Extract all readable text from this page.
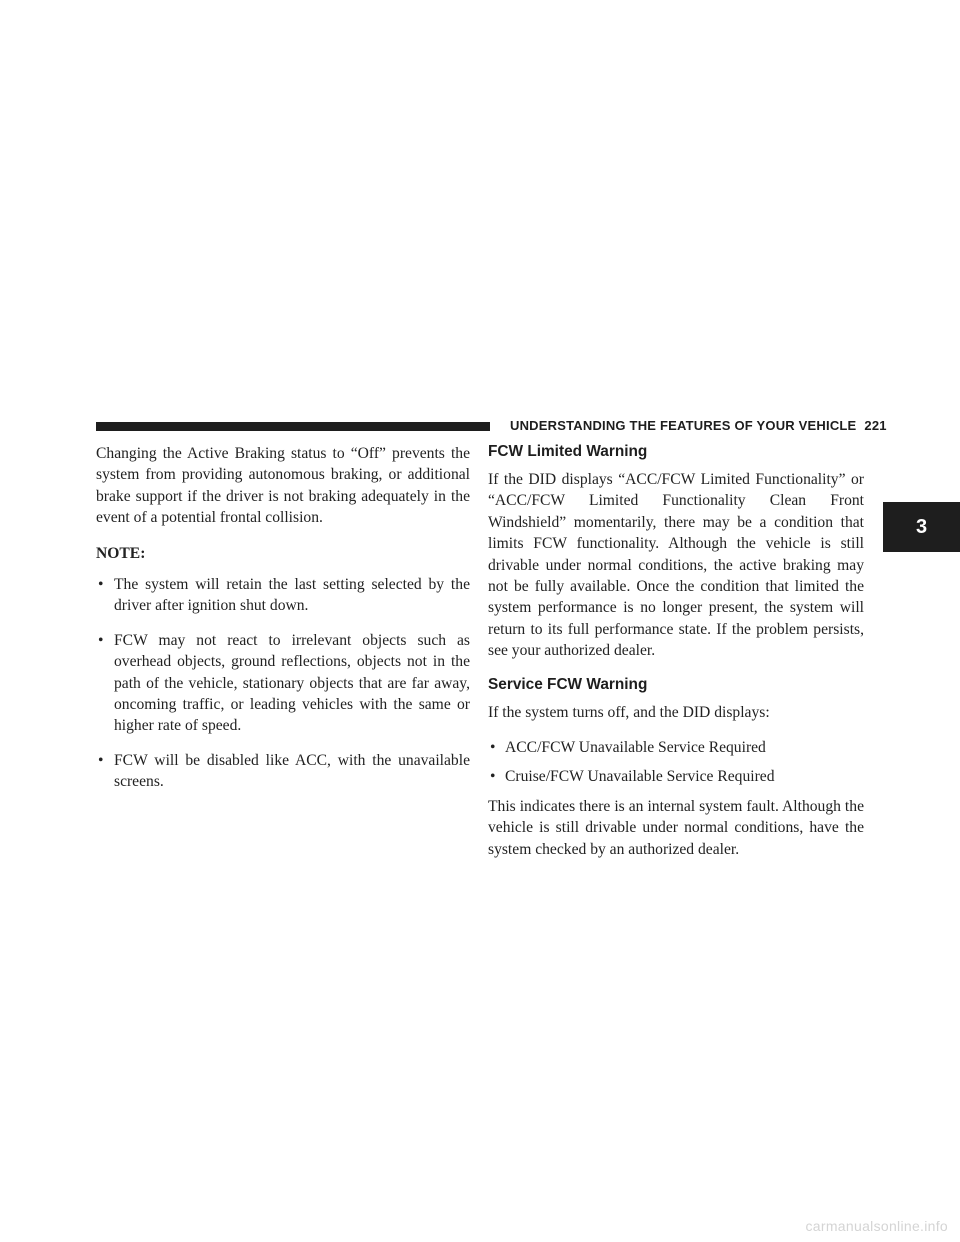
UNDERSTANDING THE FEATURES OF YOUR VEHICLE 221
3

Changing the Active Braking status to “Off” prevents the system from providing autonomous braking, or additional brake support if the driver is not braking adequately in the event of a potential frontal collision.

NOTE:
• The system will retain the last setting selected by the driver after ignition shut down.
• FCW may not react to irrelevant objects such as overhead objects, ground reflections, objects not in the path of the vehicle, stationary objects that are far away, oncoming traffic, or leading vehicles with the same or higher rate of speed.
• FCW will be disabled like ACC, with the unavailable screens.
FCW Limited Warning

If the DID displays “ACC/FCW Limited Functionality” or “ACC/FCW Limited Functionality Clean Front Windshield” momentarily, there may be a condition that limits FCW functionality. Although the vehicle is still drivable under normal conditions, the active braking may not be fully available. Once the condition that limited the system performance is no longer present, the system will return to its full performance state. If the problem persists, see your authorized dealer.

Service FCW Warning

If the system turns off, and the DID displays:

• ACC/FCW Unavailable Service Required
• Cruise/FCW Unavailable Service Required

This indicates there is an internal system fault. Although the vehicle is still drivable under normal conditions, have the system checked by an authorized dealer.

carmanualsonline.info
